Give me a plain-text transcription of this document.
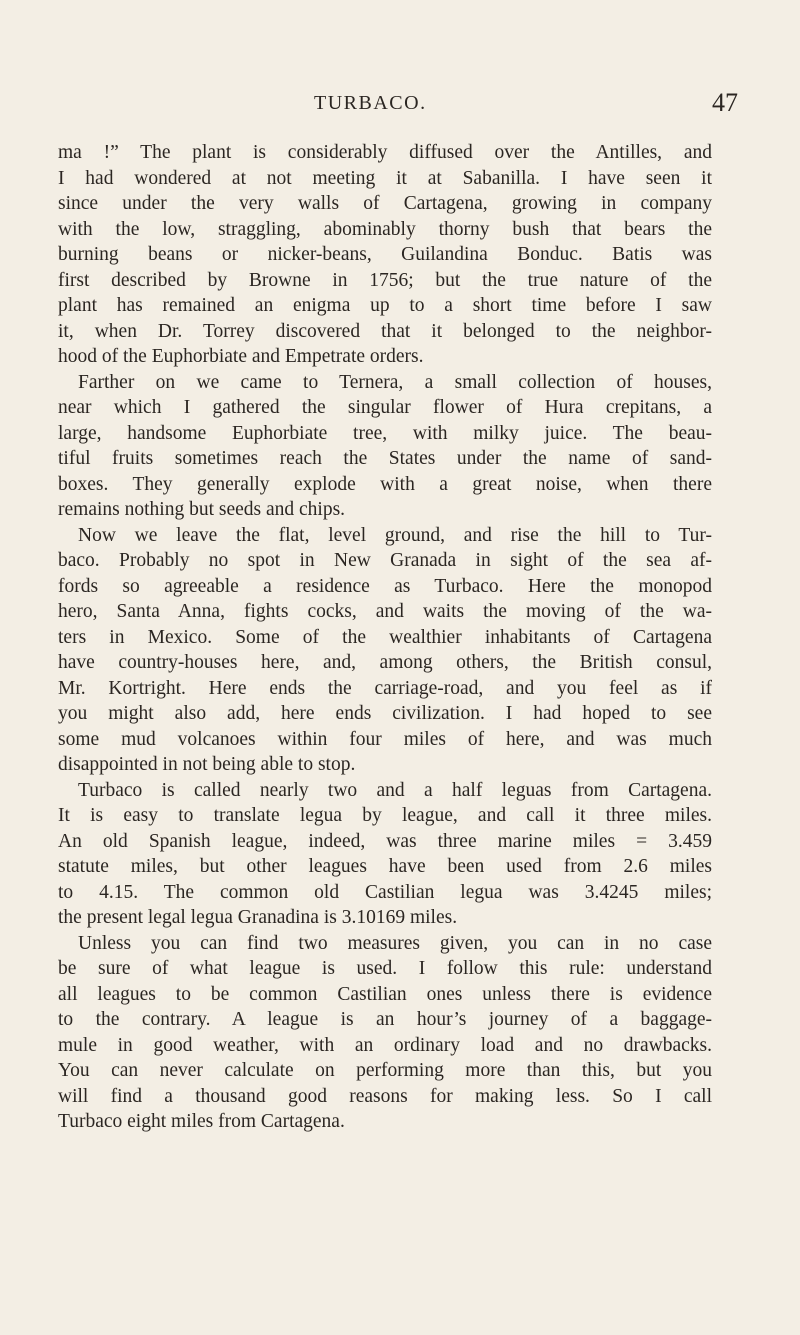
TURBACO.	47
ma !” The plant is considerably diffused over the Antilles, and
I had wondered at not meeting it at Sabanilla. I have seen it
since under the very walls of Cartagena, growing in company
with the low, straggling, abominably thorny bush that bears the
burning beans or nicker-beans, Guilandina Bonduc. Batis was
first described by Browne in 1756; but the true nature of the
plant has remained an enigma up to a short time before I saw
it, when Dr. Torrey discovered that it belonged to the neighbor-
hood of the Euphorbiate and Empetrate orders.
Farther on we came to Ternera, a small collection of houses,
near which I gathered the singular flower of Hura crepitans, a
large, handsome Euphorbiate tree, with milky juice. The beau-
tiful fruits sometimes reach the States under the name of sand-
boxes. They generally explode with a great noise, when there
remains nothing but seeds and chips.
Now we leave the flat, level ground, and rise the hill to Tur-
baco. Probably no spot in New Granada in sight of the sea af-
fords so agreeable a residence as Turbaco. Here the monopod
hero, Santa Anna, fights cocks, and waits the moving of the wa-
ters in Mexico. Some of the wealthier inhabitants of Cartagena
have country-houses here, and, among others, the British consul,
Mr. Kortright. Here ends the carriage-road, and you feel as if
you might also add, here ends civilization. I had hoped to see
some mud volcanoes within four miles of here, and was much
disappointed in not being able to stop.
Turbaco is called nearly two and a half leguas from Cartagena.
It is easy to translate legua by league, and call it three miles.
An old Spanish league, indeed, was three marine miles = 3.459
statute miles, but other leagues have been used from 2.6 miles
to 4.15. The common old Castilian legua was 3.4245 miles;
the present legal legua Granadina is 3.10169 miles.
Unless you can find two measures given, you can in no case
be sure of what league is used. I follow this rule: understand
all leagues to be common Castilian ones unless there is evidence
to the contrary. A league is an hour’s journey of a baggage-
mule in good weather, with an ordinary load and no drawbacks.
You can never calculate on performing more than this, but you
will find a thousand good reasons for making less. So I call
Turbaco eight miles from Cartagena.
